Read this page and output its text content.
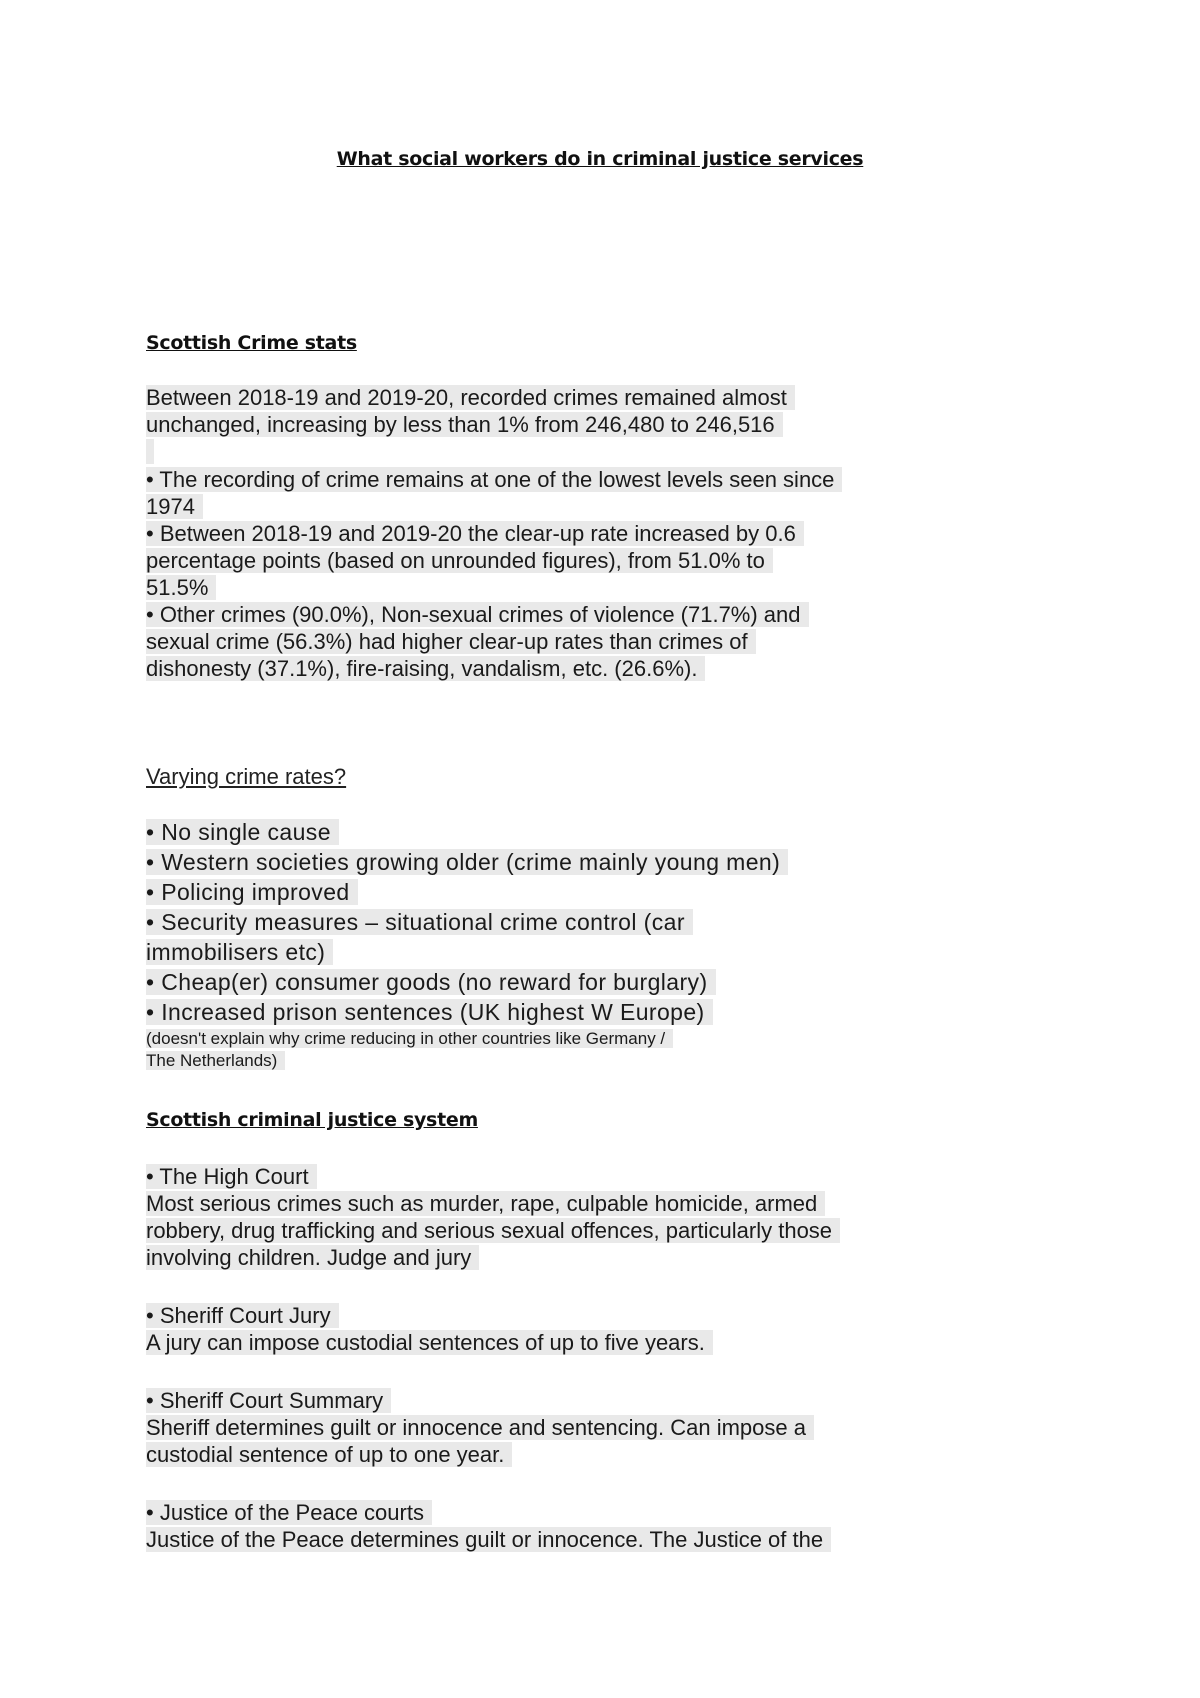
What social workers do in criminal justice services
Scottish Crime stats
Between 2018-19 and 2019-20, recorded crimes remained almost
unchanged, increasing by less than 1% from 246,480 to 246,516
• The recording of crime remains at one of the lowest levels seen since
1974
• Between 2018-19 and 2019-20 the clear-up rate increased by 0.6
percentage points (based on unrounded figures), from 51.0% to
51.5%
• Other crimes (90.0%), Non-sexual crimes of violence (71.7%) and
sexual crime (56.3%) had higher clear-up rates than crimes of
dishonesty (37.1%), fire-raising, vandalism, etc. (26.6%).
Varying crime rates?
• No single cause
• Western societies growing older (crime mainly young men)
• Policing improved
• Security measures – situational crime control (car
immobilisers etc)
• Cheap(er) consumer goods (no reward for burglary)
• Increased prison sentences (UK highest W Europe)
(doesn't explain why crime reducing in other countries like Germany /
The Netherlands)
Scottish criminal justice system
• The High Court
Most serious crimes such as murder, rape, culpable homicide, armed
robbery, drug trafficking and serious sexual offences, particularly those
involving children. Judge and jury
• Sheriff Court Jury
A jury can impose custodial sentences of up to five years.
• Sheriff Court Summary
Sheriff determines guilt or innocence and sentencing. Can impose a
custodial sentence of up to one year.
• Justice of the Peace courts
Justice of the Peace determines guilt or innocence. The Justice of the
